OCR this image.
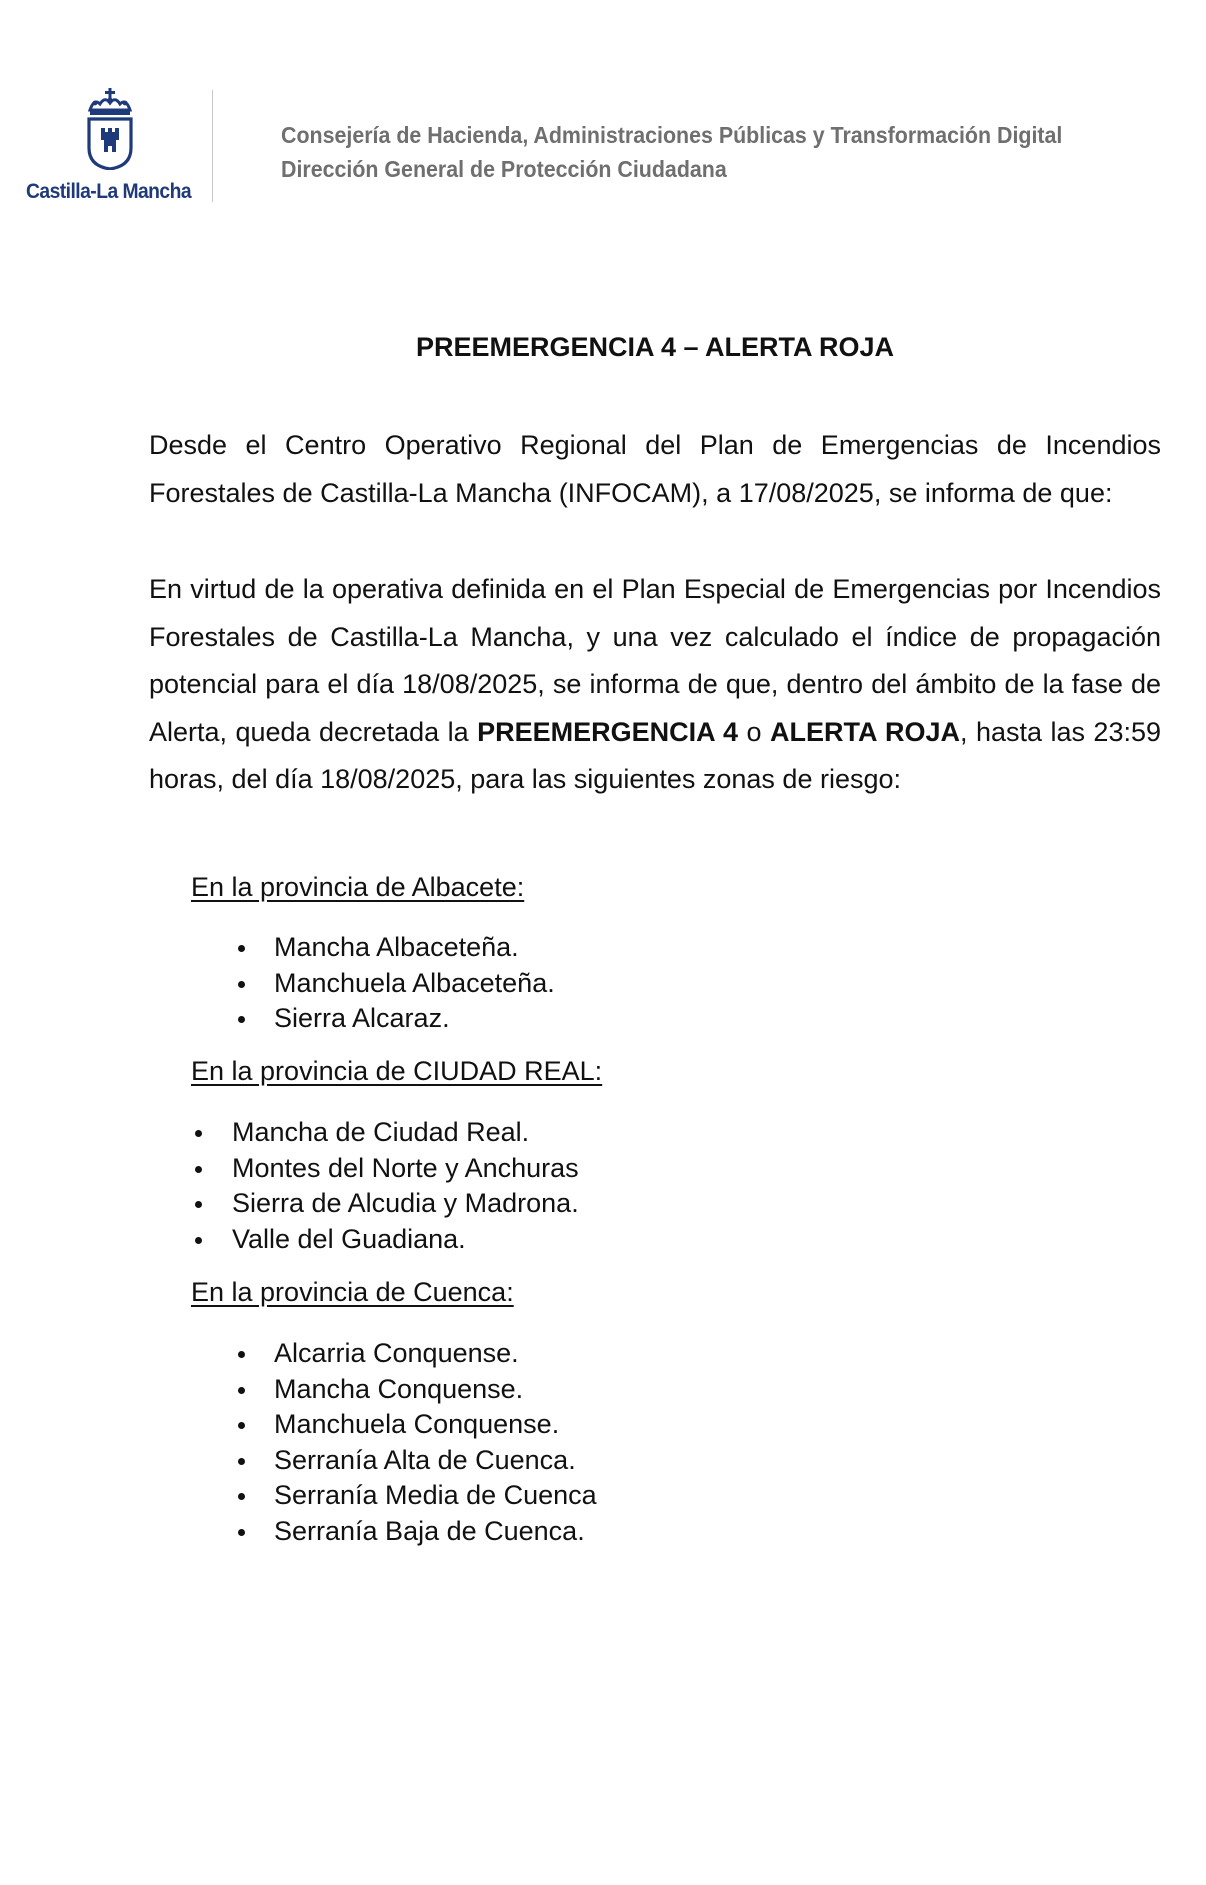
Castilla-La Mancha
Consejería de Hacienda, Administraciones Públicas y Transformación Digital
Dirección General de Protección Ciudadana
PREEMERGENCIA 4 – ALERTA ROJA
Desde el Centro Operativo Regional del Plan de Emergencias de Incendios Forestales de Castilla-La Mancha (INFOCAM), a 17/08/2025, se informa de que:
En virtud de la operativa definida en el Plan Especial de Emergencias por Incendios Forestales de Castilla-La Mancha, y una vez calculado el índice de propagación potencial para el día 18/08/2025, se informa de que, dentro del ámbito de la fase de Alerta, queda decretada la PREEMERGENCIA 4 o ALERTA ROJA, hasta las 23:59 horas, del día 18/08/2025, para las siguientes zonas de riesgo:
En la provincia de Albacete:
Mancha Albaceteña.
Manchuela Albaceteña.
Sierra Alcaraz.
En la provincia de CIUDAD REAL:
Mancha de Ciudad Real.
Montes del Norte y Anchuras
Sierra de Alcudia y Madrona.
Valle del Guadiana.
En la provincia de Cuenca:
Alcarria Conquense.
Mancha Conquense.
Manchuela Conquense.
Serranía Alta de Cuenca.
Serranía Media de Cuenca
Serranía Baja de Cuenca.
